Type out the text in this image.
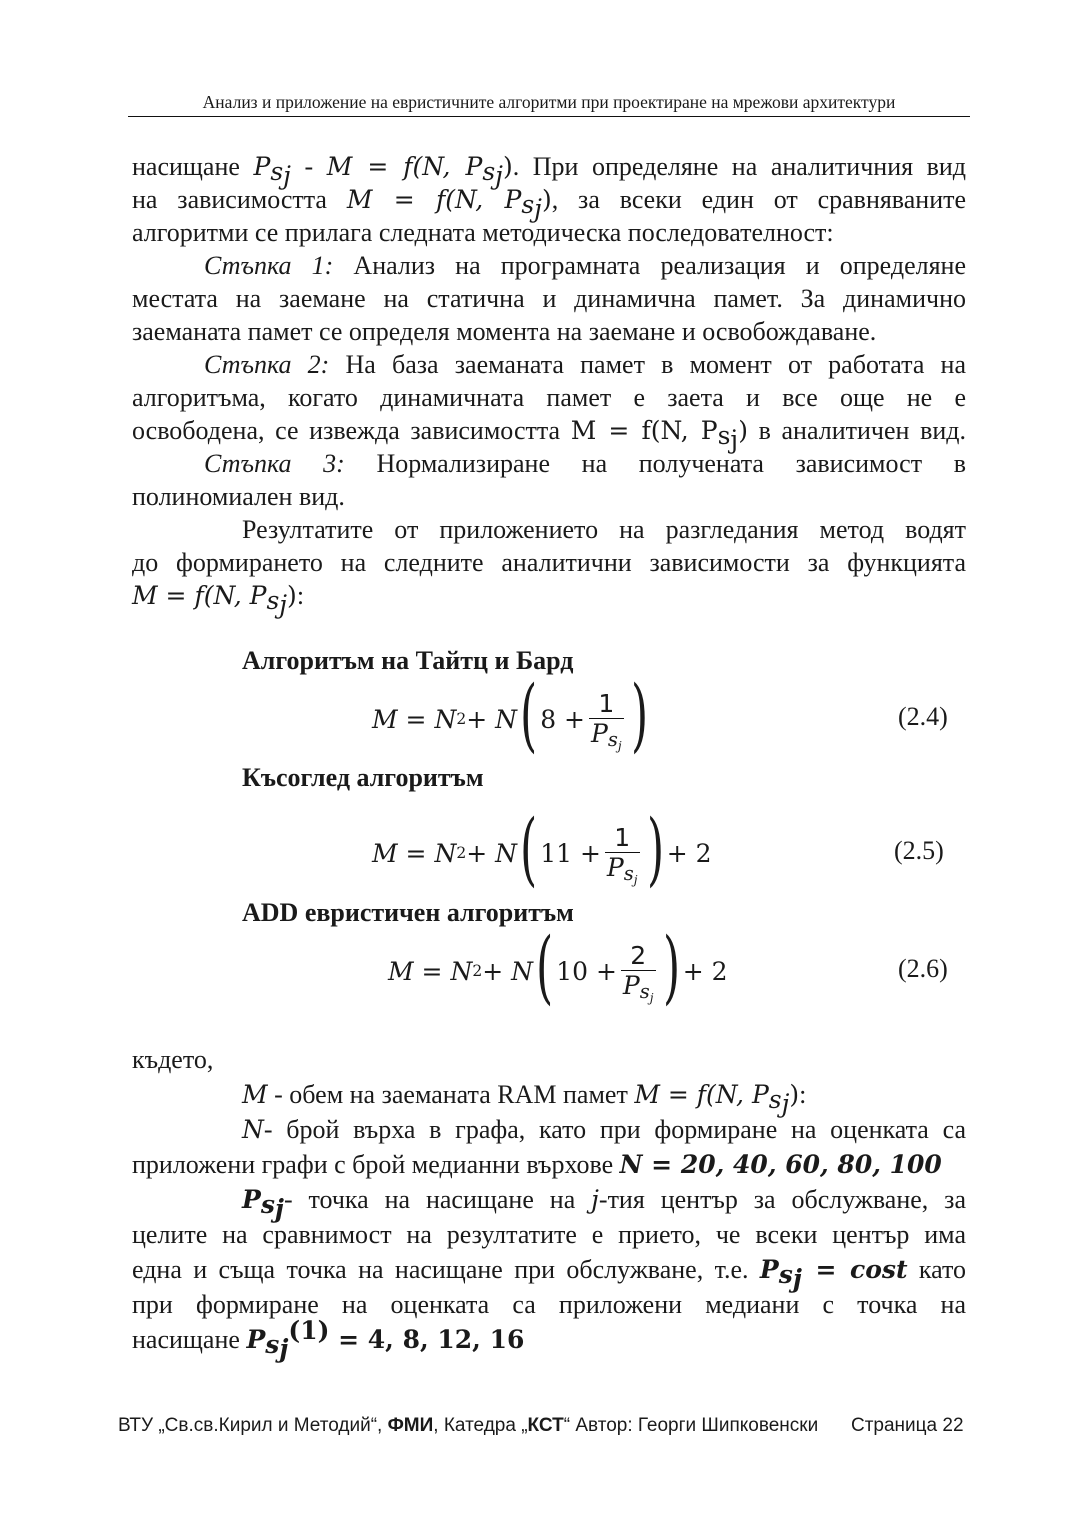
Анализ и приложение на евристичните алгоритми при проектиране на мрежови архитектури
насищане $P_{s_j} - M = f(N$, $P_{s_j}$). При определяне на аналитичния вид
на зависимостта M = f(N, $P_{s_j}$), за всеки един от сравняваните
алгоритми се прилага следната методическа последователност:
Стъпка 1: Анализ на програмната реализация и определяне
местата на заемане на статична и динамична памет. За динамично
заеманата памет се определя момента на заемане и освобождаване.
Стъпка 2: На база заеманата памет в момент от работата на
алгоритъма, когато динамичната памет е заета и все още не е
освободена, се извежда зависимостта M = f(N, $P_{s_j}$) в аналитичен вид.
Стъпка 3: Нормализиране на получената зависимост в
полиномиален вид.
Резултатите от приложението на разгледания метод водят
до формирането на следните аналитични зависимости за функцията
M = f(N, $P_{s_j}$):
Алгоритъм на Тайтц и Бард
M = N 2 + N ( $8 + \frac{1}{P_{s_j}}$ )	(2.4)
Късоглед алгоритъм
M = N 2 + N ( $11 + \frac{1}{P_{s_j}}$ ) + 2	(2.5)
ADD евристичен алгоритъм
M = N 2 + N ( $10 + \frac{2}{P_{s_j}}$ ) + 2	(2.6)
където,
M - обем на заеманата RAM памет M = f(N, $P_{s_j}$):
N- брой върха в графа, като при формиране на оценката са
приложени графи с брой медианни върхове N = 20, 40, 60, 80, 100
$P_{s_j}-$ точка на насищане на j-тия център за обслужване, за
целите на сравнимост на резултатите е прието, че всеки център има
една и съща точка на насищане при обслужване, т.е. $P_{s_j} = \cos t$ като
при формиране на оценката са приложени медиани с точка на
насищане $P_{s_j}^{(1)} = 4$, 8, 12, 16
ВТУ „Св.св.Кирил и Методий“, ФМИ, Катедра „КСТ“ Автор: Георги Шипковенски Страница 22
